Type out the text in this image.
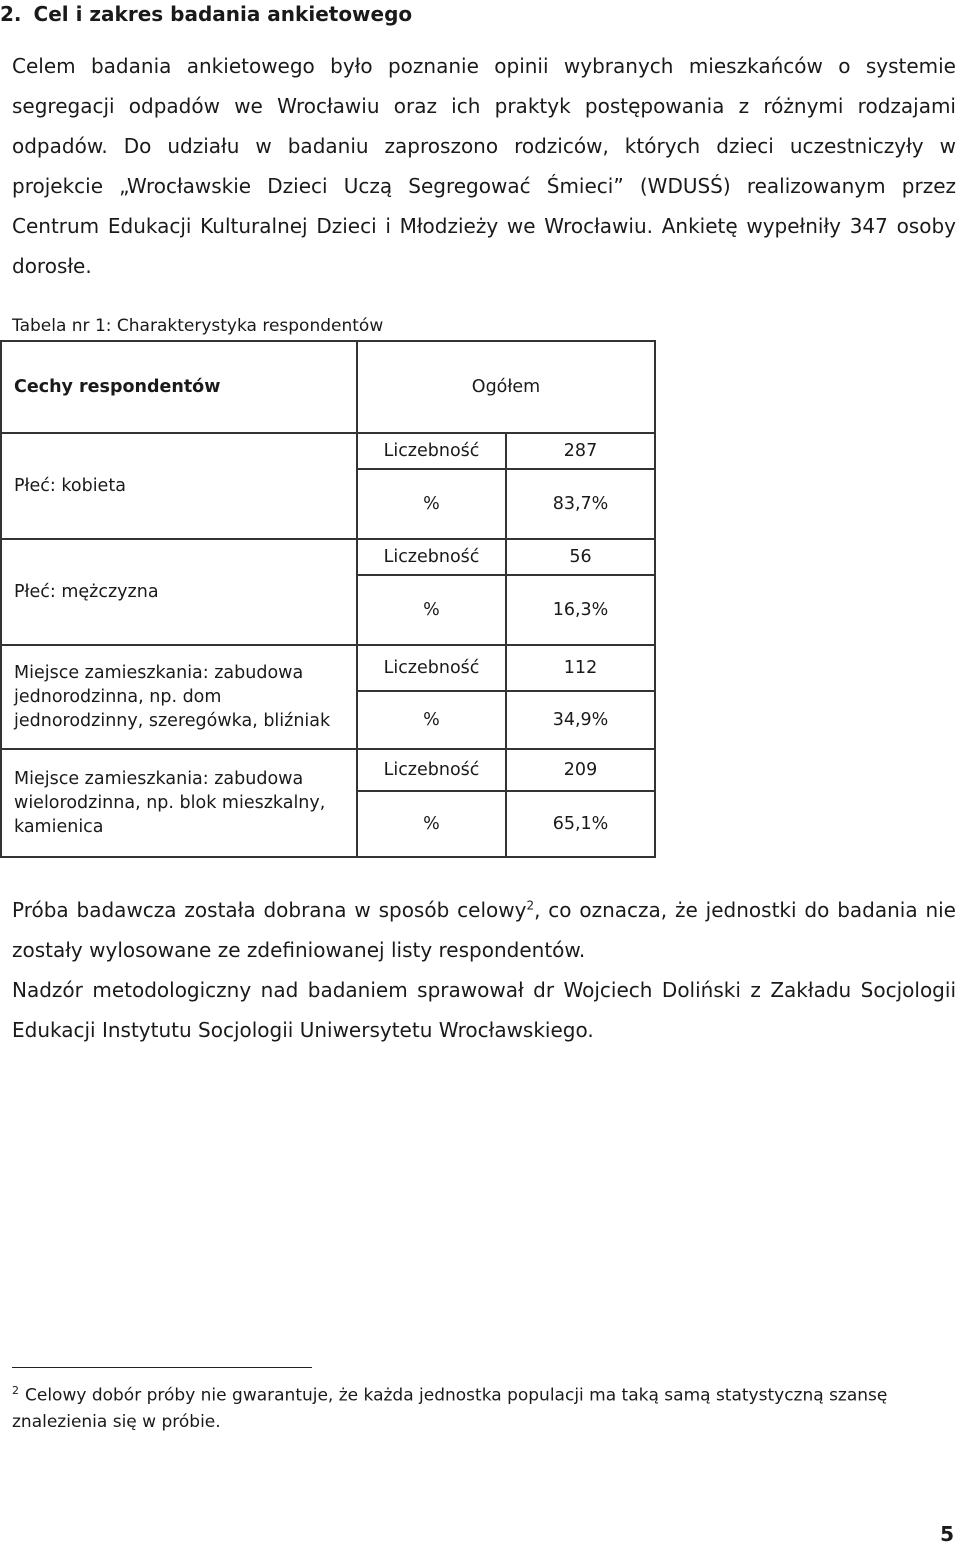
2. Cel i zakres badania ankietowego

Celem badania ankietowego było poznanie opinii wybranych mieszkańców o systemie segregacji odpadów we Wrocławiu oraz ich praktyk postępowania z różnymi rodzajami odpadów. Do udziału w badaniu zaproszono rodziców, których dzieci uczestniczyły w projekcie „Wrocławskie Dzieci Uczą Segregować Śmieci” (WDUSŚ) realizowanym przez Centrum Edukacji Kulturalnej Dzieci i Młodzieży we Wrocławiu. Ankietę wypełniły 347 osoby dorosłe.

Tabela nr 1: Charakterystyka respondentów
Cechy respondentów	Ogółem	
Płeć: kobieta	Liczebność	287
	%	83,7%
Płeć: mężczyzna	Liczebność	56
	%	16,3%
Miejsce zamieszkania: zabudowa jednorodzinna, np. dom jednorodzinny, szeregówka, bliźniak	Liczebność	112
	%	34,9%
Miejsce zamieszkania: zabudowa wielorodzinna, np. blok mieszkalny, kamienica	Liczebność	209
	%	65,1%

Próba badawcza została dobrana w sposób celowy$^2$, co oznacza, że jednostki do badania nie zostały wylosowane ze zdefiniowanej listy respondentów.

Nadzór metodologiczny nad badaniem sprawował dr Wojciech Doliński z Zakładu Socjologii Edukacji Instytutu Socjologii Uniwersytetu Wrocławskiego.

$^2$ Celowy dobór próby nie gwarantuje, że każda jednostka populacji ma taką samą statystyczną szansę znalezienia się w próbie.

5
